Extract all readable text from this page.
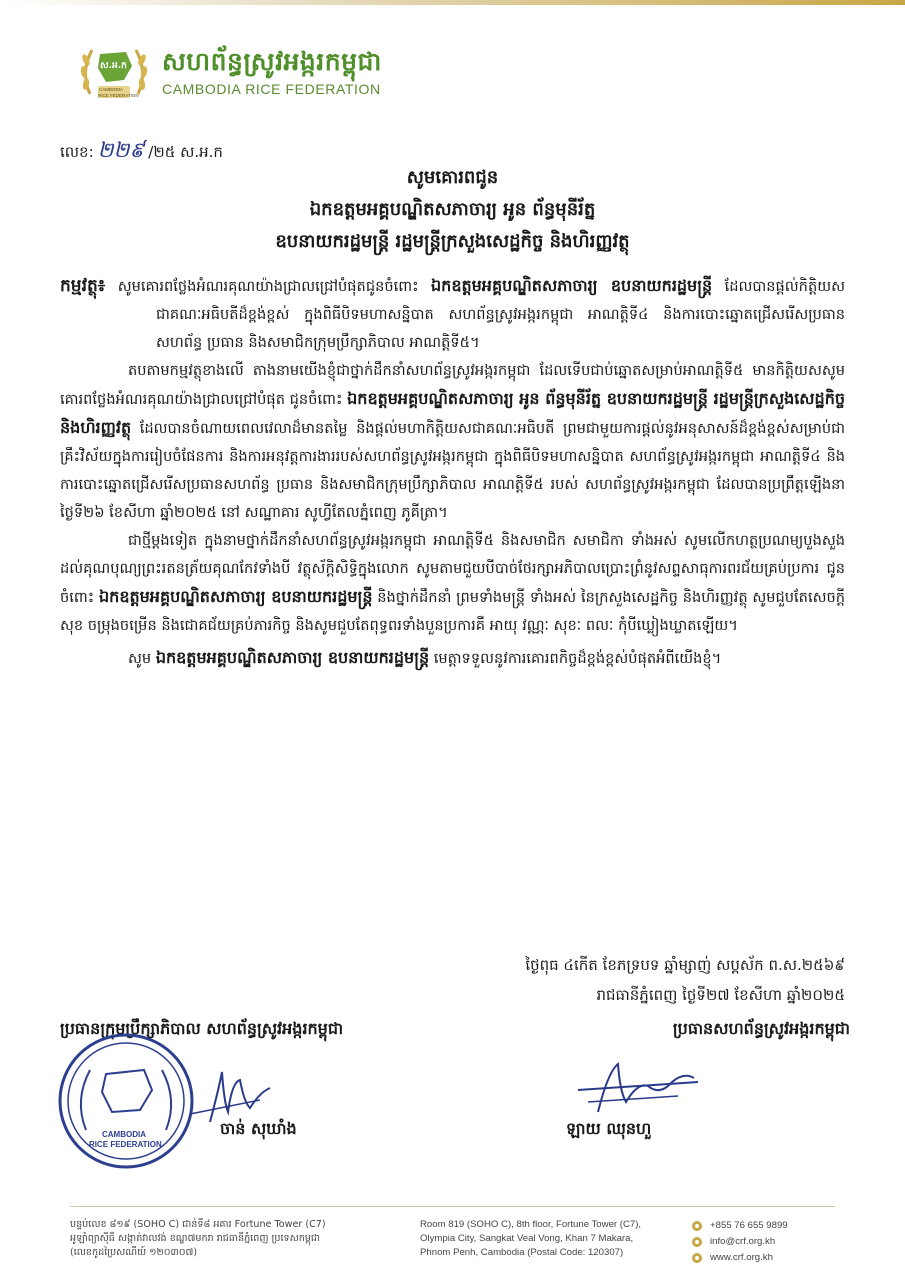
ស.អ.ក
CAMBODIA
RICE FEDERATION
សហព័ន្ធស្រូវអង្ករកម្ពុជា
CAMBODIA RICE FEDERATION
លេខ: ២២៩ /២៥ ស.អ.ក
សូមគោរពជូន
ឯកឧត្តមអគ្គបណ្ឌិតសភាចារ្យ អូន ព័ន្ធមុនីរ័ត្ន
ឧបនាយករដ្ឋមន្ត្រី រដ្ឋមន្ត្រីក្រសួងសេដ្ឋកិច្ច និងហិរញ្ញវត្ថុ

កម្មវត្ថុ៖ សូមគោរពថ្លែងអំណរគុណយ៉ាងជ្រាលជ្រៅបំផុតជូនចំពោះ ឯកឧត្តមអគ្គបណ្ឌិតសភាចារ្យ ឧបនាយករដ្ឋមន្ត្រី ដែលបានផ្តល់កិត្តិយសជាគណៈអធិបតីដ៏ខ្ពង់ខ្ពស់ ក្នុងពិធីបិទមហាសន្និបាត សហព័ន្ធស្រូវអង្ករកម្ពុជា អាណត្តិទី៤ និងការបោះឆ្នោតជ្រើសរើសប្រធានសហព័ន្ធ ប្រធាន និងសមាជិកក្រុមប្រឹក្សាភិបាល អាណត្តិទី៥។

តបតាមកម្មវត្ថុខាងលើ តាងនាមយើងខ្ញុំជាថ្នាក់ដឹកនាំសហព័ន្ធស្រូវអង្ករកម្ពុជា ដែលទើបជាប់ឆ្នោតសម្រាប់អាណត្តិទី៥ មានកិត្តិយសសូមគោរពថ្លែងអំណរគុណយ៉ាងជ្រាលជ្រៅបំផុត ជូនចំពោះ ឯកឧត្តមអគ្គបណ្ឌិតសភាចារ្យ អូន ព័ន្ធមុនីរ័ត្ន ឧបនាយករដ្ឋមន្ត្រី រដ្ឋមន្ត្រីក្រសួងសេដ្ឋកិច្ច និងហិរញ្ញវត្ថុ ដែលបានចំណាយពេលវេលាដ៏មានតម្លៃ និងផ្តល់មហាកិត្តិយសជាគណៈអធិបតី ព្រមជាមួយការផ្តល់នូវអនុសាសន៍ដ៏ខ្ពង់ខ្ពស់សម្រាប់ជាគ្រឹះវិស័យក្នុងការរៀបចំផែនការ និងការអនុវត្តការងាររបស់សហព័ន្ធស្រូវអង្ករកម្ពុជា ក្នុងពិធីបិទមហាសន្និបាត សហព័ន្ធស្រូវអង្ករកម្ពុជា អាណត្តិទី៤ និងការបោះឆ្នោតជ្រើសរើសប្រធានសហព័ន្ធ ប្រធាន និងសមាជិកក្រុមប្រឹក្សាភិបាល អាណត្តិទី៥ របស់ សហព័ន្ធស្រូវអង្ករកម្ពុជា ដែលបានប្រព្រឹត្តឡើងនាថ្ងៃទី២៦ ខែសីហា ឆ្នាំ២០២៥ នៅ សណ្ឋាគារ សូហ្វីតែលភ្នំពេញ ភូគីត្រា។

ជាថ្មីម្តងទៀត ក្នុងនាមថ្នាក់ដឹកនាំសហព័ន្ធស្រូវអង្ករកម្ពុជា អាណត្តិទី៥ និងសមាជិក សមាជិកា ទាំងអស់ សូមលើកហត្ថប្រណម្យបួងសួងដល់គុណបុណ្យព្រះរតនត្រ័យគុណកែវទាំងបី វត្ថុស័ក្តិសិទ្ធិក្នុងលោក សូមតាមជួយបីបាច់ថែរក្សាអភិបាលប្រោះព្រំនូវសព្ទសាធុការពរជ័យគ្រប់ប្រការ ជូនចំពោះ ឯកឧត្តមអគ្គបណ្ឌិតសភាចារ្យ ឧបនាយករដ្ឋមន្ត្រី និងថ្នាក់ដឹកនាំ ព្រមទាំងមន្ត្រី ទាំងអស់ នៃក្រសួងសេដ្ឋកិច្ច និងហិរញ្ញវត្ថុ សូមជួបតែសេចក្តីសុខ ចម្រុងចម្រើន និងជោគជ័យគ្រប់ភារកិច្ច និងសូមជួបតែពុទ្ធពរទាំងបួនប្រការគឺ អាយុ វណ្ណៈ សុខៈ ពលៈ កុំបីឃ្លៀងឃ្លាតឡើយ។

សូម ឯកឧត្តមអគ្គបណ្ឌិតសភាចារ្យ ឧបនាយករដ្ឋមន្ត្រី មេត្តាទទួលនូវការគោរពកិច្ចដ៏ខ្ពង់ខ្ពស់បំផុតអំពីយើងខ្ញុំ។

ថ្ងៃពុធ ៤កើត ខែភទ្របទ ឆ្នាំម្សាញ់ សប្តស័ក ព.ស.២៥៦៩
រាជធានីភ្នំពេញ ថ្ងៃទី២៧ ខែសីហា ឆ្នាំ២០២៥
ប្រធានក្រុមប្រឹក្សាភិបាល សហព័ន្ធស្រូវអង្ករកម្ពុជា	ប្រធានសហព័ន្ធស្រូវអង្ករកម្ពុជា
CAMBODIA
RICE FEDERATION
ចាន់ សុឃាំង	ឡាយ ឈុនហួ
បន្ទប់លេខ ៨១៩ (SOHO C) ជាន់ទី៨ អគារ Fortune Tower (C7)
អូឡាំព្យាស៊ីធី សង្កាត់វាលវង់ ខណ្ឌ៧មករា រាជធានីភ្នំពេញ ប្រទេសកម្ពុជា
(លេខកូដប្រៃសណីយ៍ ១២០៣០៧)
Room 819 (SOHO C), 8th floor, Fortune Tower (C7),
Olympia City, Sangkat Veal Vong, Khan 7 Makara,
Phnom Penh, Cambodia (Postal Code: 120307)
+855 76 655 9899
info@crf.org.kh
www.crf.org.kh
